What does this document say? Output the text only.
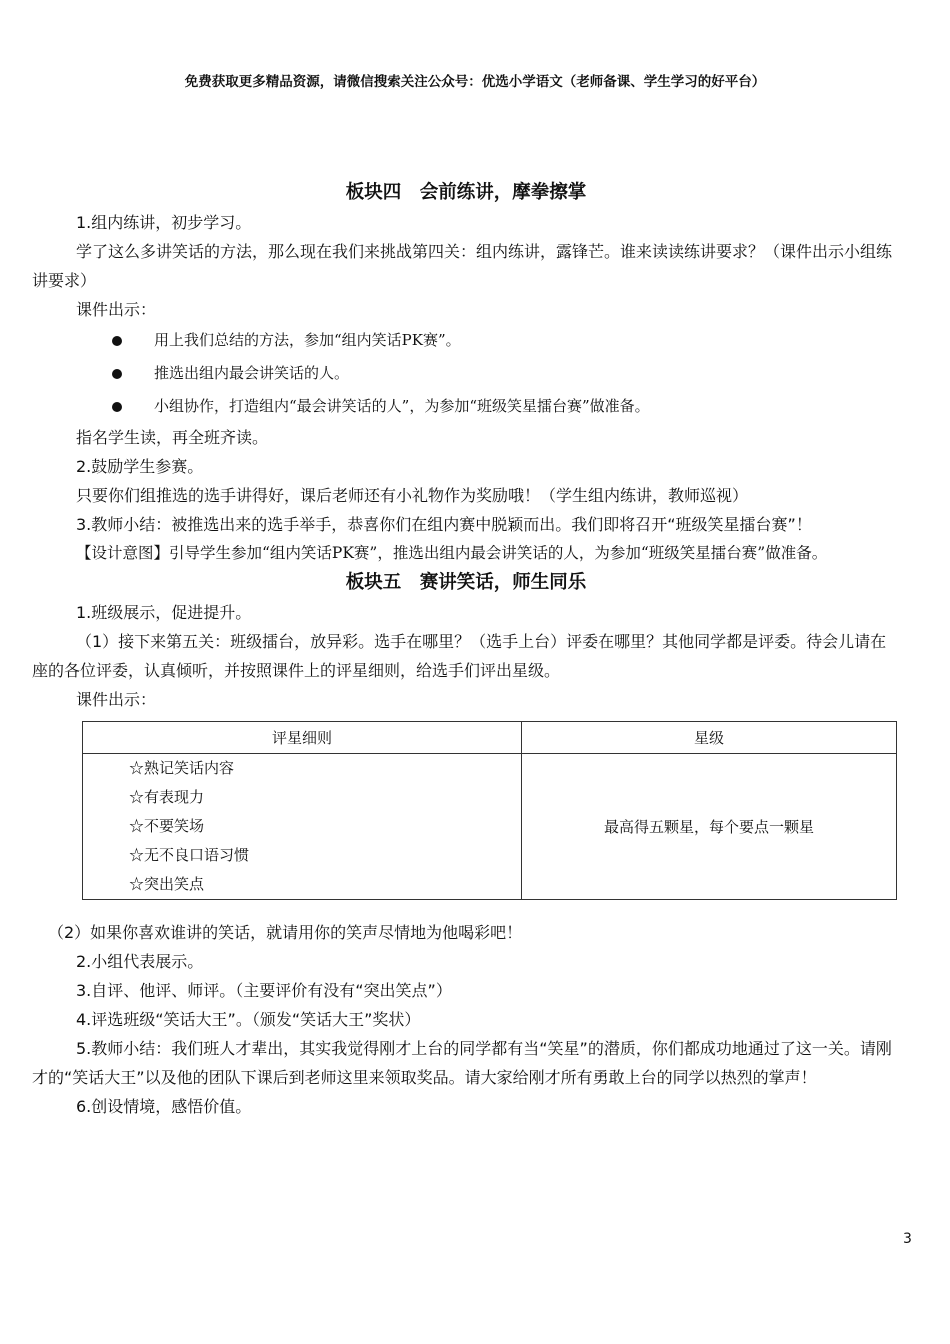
免费获取更多精品资源，请微信搜索关注公众号：优选小学语文（老师备课、学生学习的好平台）
板块四　会前练讲，摩拳擦掌

1.组内练讲，初步学习。

学了这么多讲笑话的方法，那么现在我们来挑战第四关：组内练讲，露锋芒。谁来读读练讲要求？（课件出示小组练讲要求）

课件出示：

用上我们总结的方法，参加“组内笑话PK赛”。
推选出组内最会讲笑话的人。
小组协作，打造组内“最会讲笑话的人”，为参加“班级笑星擂台赛”做准备。

指名学生读，再全班齐读。

2.鼓励学生参赛。

只要你们组推选的选手讲得好，课后老师还有小礼物作为奖励哦！（学生组内练讲，教师巡视）

3.教师小结：被推选出来的选手举手，恭喜你们在组内赛中脱颖而出。我们即将召开“班级笑星擂台赛”！

【设计意图】引导学生参加“组内笑话PK赛”，推选出组内最会讲笑话的人，为参加“班级笑星擂台赛”做准备。

板块五　赛讲笑话，师生同乐

1.班级展示，促进提升。

（1）接下来第五关：班级擂台，放异彩。选手在哪里？（选手上台）评委在哪里？其他同学都是评委。待会儿请在座的各位评委，认真倾听，并按照课件上的评星细则，给选手们评出星级。

课件出示：

评星细则	星级

☆熟记笑话内容
☆有表现力
☆不要笑场
☆无不良口语习惯
☆突出笑点	最高得五颗星，每个要点一颗星

（2）如果你喜欢谁讲的笑话，就请用你的笑声尽情地为他喝彩吧！

2.小组代表展示。

3.自评、他评、师评。（主要评价有没有“突出笑点”）

4.评选班级“笑话大王”。（颁发“笑话大王”奖状）

5.教师小结：我们班人才辈出，其实我觉得刚才上台的同学都有当“笑星”的潜质，你们都成功地通过了这一关。请刚才的“笑话大王”以及他的团队下课后到老师这里来领取奖品。请大家给刚才所有勇敢上台的同学以热烈的掌声！

6.创设情境，感悟价值。

3
